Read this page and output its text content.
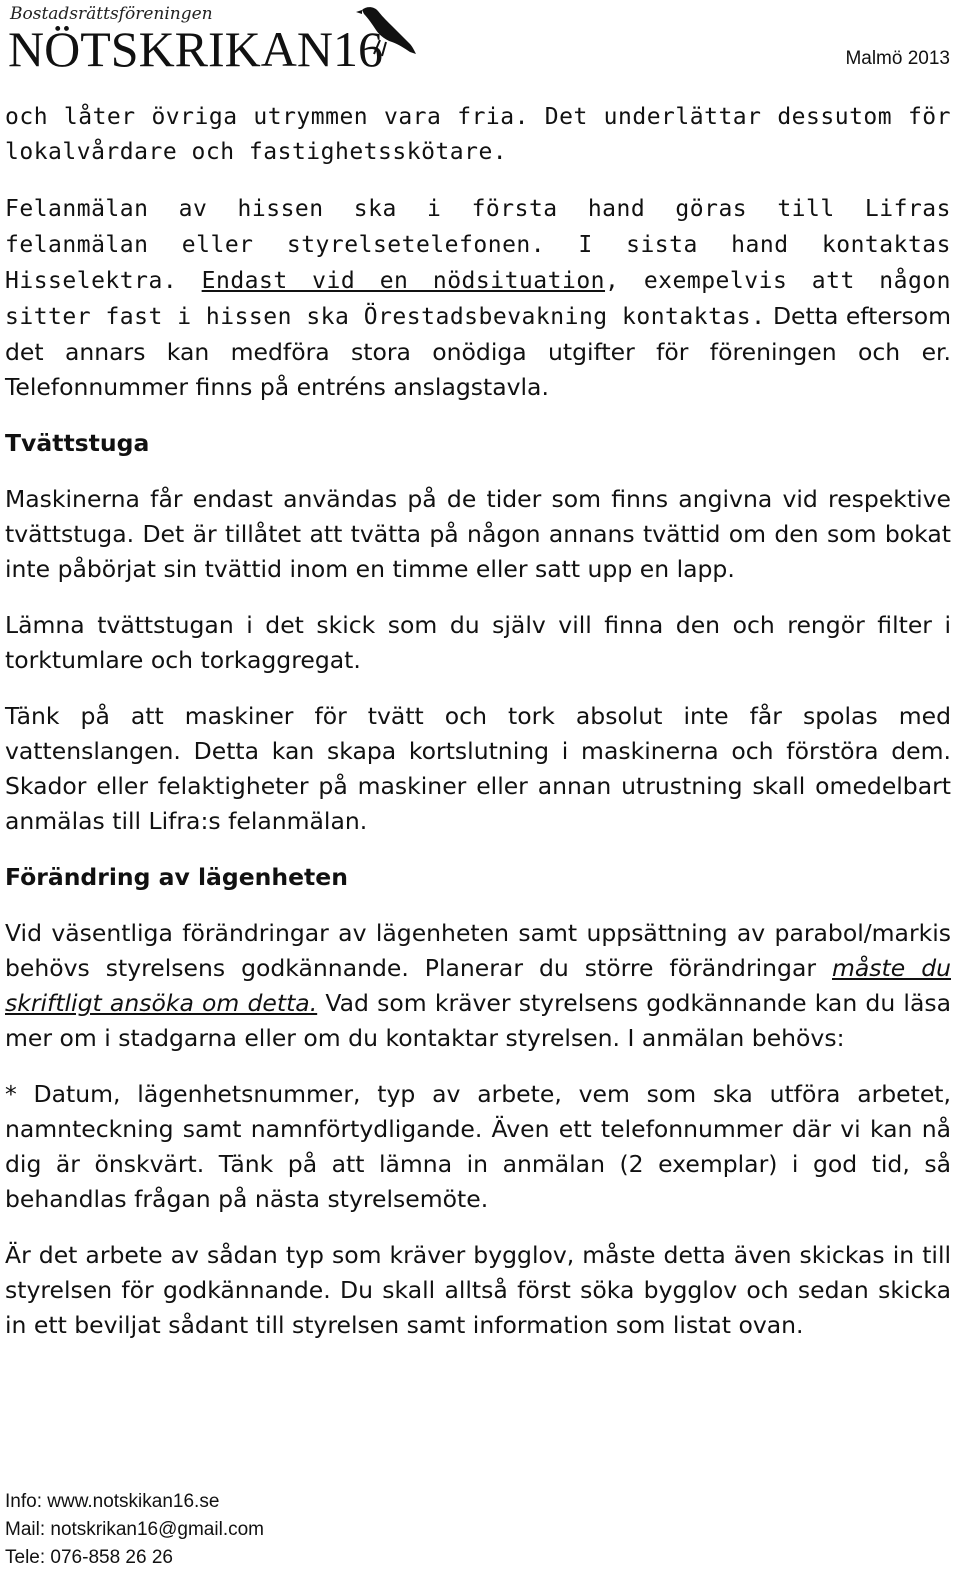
Bostadsrättsföreningen
NÖTSKRIKAN16	Malmö 2013

och låter övriga utrymmen vara fria. Det underlättar dessutom för lokalvårdare och fastighetsskötare.

Felanmälan av hissen ska i första hand göras till Lifras felanmälan eller styrelsetelefonen. I sista hand kontaktas Hisselektra. Endast vid en nödsituation, exempelvis att någon sitter fast i hissen ska Örestadsbevakning kontaktas. Detta eftersom det annars kan medföra stora onödiga utgifter för föreningen och er. Telefonnummer finns på entréns anslagstavla.

Tvättstuga

Maskinerna får endast användas på de tider som finns angivna vid respektive tvättstuga. Det är tillåtet att tvätta på någon annans tvättid om den som bokat inte påbörjat sin tvättid inom en timme eller satt upp en lapp.

Lämna tvättstugan i det skick som du själv vill finna den och rengör filter i torktumlare och torkaggregat.

Tänk på att maskiner för tvätt och tork absolut inte får spolas med vattenslangen. Detta kan skapa kortslutning i maskinerna och förstöra dem. Skador eller felaktigheter på maskiner eller annan utrustning skall omedelbart anmälas till Lifra:s felanmälan.

Förändring av lägenheten

Vid väsentliga förändringar av lägenheten samt uppsättning av parabol/markis behövs styrelsens godkännande. Planerar du större förändringar måste du skriftligt ansöka om detta. Vad som kräver styrelsens godkännande kan du läsa mer om i stadgarna eller om du kontaktar styrelsen. I anmälan behövs:

* Datum, lägenhetsnummer, typ av arbete, vem som ska utföra arbetet, namnteckning samt namnförtydligande. Även ett telefonnummer där vi kan nå dig är önskvärt. Tänk på att lämna in anmälan (2 exemplar) i god tid, så behandlas frågan på nästa styrelsemöte.

Är det arbete av sådan typ som kräver bygglov, måste detta även skickas in till styrelsen för godkännande. Du skall alltså först söka bygglov och sedan skicka in ett beviljat sådant till styrelsen samt information som listat ovan.

Info: www.notskikan16.se
Mail: notskrikan16@gmail.com
Tele: 076-858 26 26
